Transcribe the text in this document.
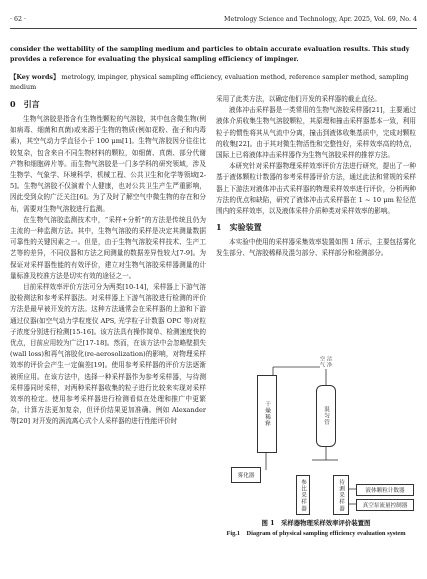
· 62 ·	Metrology Science and Technology, Apr. 2025, Vol. 69, No. 4
consider the wettability of the sampling medium and particles to obtain accurate evaluation results. This study provides a reference for evaluating the physical sampling efficiency of impinger.
【Key words】 metrology, impinger, physical sampling efficiency, evaluation method, reference sampler method, sampling medium
0　引言

生物气溶胶是指含有生物性颗粒的气溶胶，其中包含微生物(例如病毒、细菌和真菌)或来源于生物的物质(例如花粉、孢子和内毒素)，其空气动力学直径小于 100 μm[1]。生物气溶胶因分往往比较复杂，包含来自不同生物材料的颗粒，如细菌、真菌、部分代谢产物和细胞碎片等。而生物气溶胶是一门多学科的研究领域，涉及生物学、气象学、环境科学、机械工程、公共卫生和化学等领域[2-5]。生物气溶胶不仅演着个人健康，也对公共卫生产生严重影响，因此受到众的广泛关注[6]。为了及时了解空气中微生物的存在和分布，需要对生物气溶胶进行监测。

在生物气溶胶监测技术中，“采样+分析”的方法是传统且仍为主流的一种监测方法。其中，生物气溶胶的采样是决定其测量数据可靠性的关键因素之一。但是，由于生物气溶胶采样技术、生产工艺等的差异，不同仪器和方法之间测量的数据差异性较大[7-9]。为保证对采样器性能的有效评价，建立对生物气溶胶采样器测量的计量标准及校准方法是切实有效的途径之一。

目前采样效率评价方法可分为两类[10-14]，采样器上下游气溶胶检测法和参考采样器法。对采样器上下游气溶胶进行检测的评价方法是最早被开发的方法。这种方法通常会在采样器的上游和下游通过仪器(如空气动力学粒度仪 APS, 光学粒子计数器 OPC 等)对粒子浓度分别进行检测[15-16]。该方法具有操作简单、检测速度快的优点，目前应用较为广泛[17-18]。然而，在该方法中会忽略壁损失(wall loss)和再气溶胶化(re-aerosolization)的影响，对物理采样效率的评价会产生一定偏差[19]。使用参考采样器的评价方法逐渐被所应用。在该方法中，选择一种采样器作为参考采样器，与待测采样器同时采样，对两种采样器收集的粒子进行比较来实现对采样效率的检定。使用参考采样器进行检测看似在处理和推广中更繁杂，计算方法更加复杂，但评价结果更加准确。例如 Alexander 等[20] 对开发的涡流离心式个人采样器的进行性能评价时

采用了此类方法，以确定他们开发的采样器的截止直径。

液体冲击采样器是一类常用的生物气溶胶采样器[21]，主要通过液体介质收集生物气溶胶颗粒，其原理和撞击采样器基本一致，利用粒子的惯性将其从气流中分离，撞击到液体收集基质中，完成对颗粒的收集[22]。由于其对微生物活性和完整性好，采样效率高的特点，国际上已将液体冲击采样器作为生物气溶胶采样的推荐方法。

本研究针对采样器物理采样效率评价方法进行研究，提出了一种基于液体颗粒计数器的参考采样器评价方法，通过此法和常规的采样器上下游法对液体冲击式采样器的物理采样效率进行评价，分析两种方法的优点和缺陷，研究了液体冲击式采样器在 1 ~ 10 μm 粒径范围内的采样效率，以及液体采样介质种类对采样效率的影响。

1　实验装置

本实验中使用的采样器采集效率装置如图 1 所示，主要包括雾化发生部分、气溶胶稀释及混匀部分、采样部分和检测部分。

干燥稀释	混匀管
洁净空气
雾化器
参比采样器	待测采样器	液体颗粒计数器
真空泵流量控制器
图 1　采样器物理采样效率评价装置图
Fig.1　Diagram of physical sampling efficiency evaluation system
